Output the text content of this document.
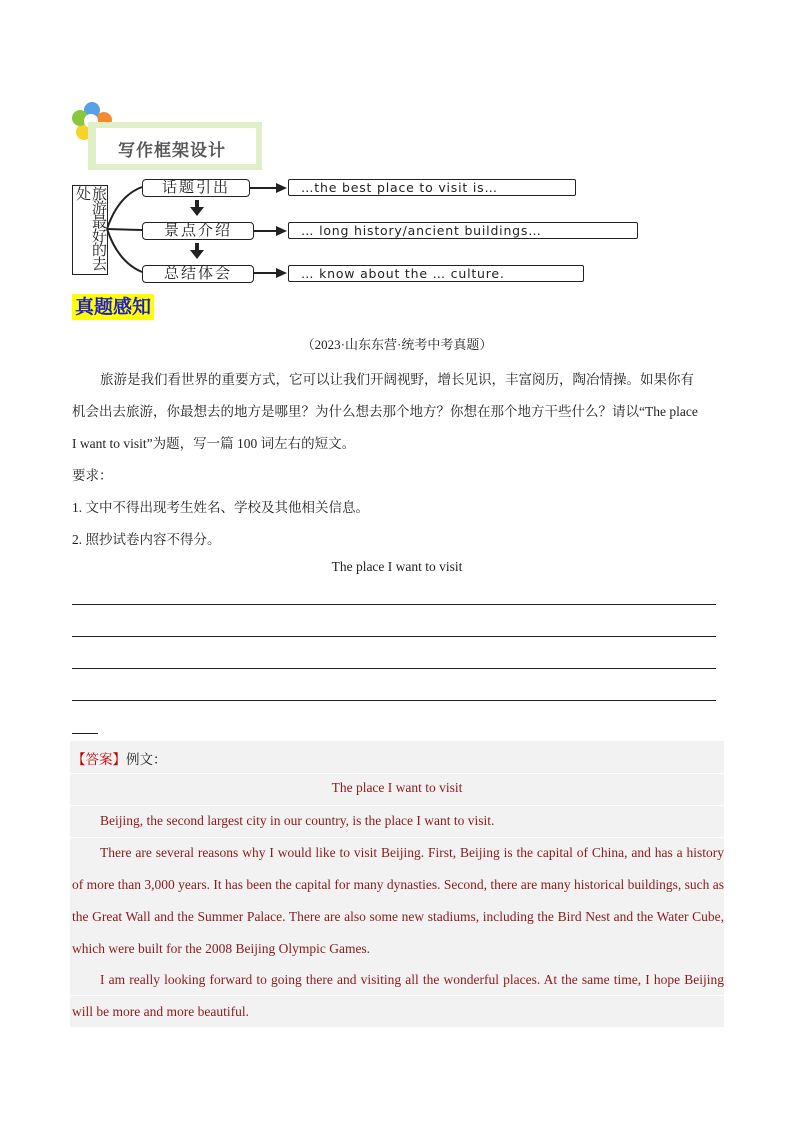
写作框架设计
旅游最好的去处	话题引出
景点介绍
总结体会
…the best place to visit is…
… long history/ancient buildings…
… know about the … culture.
真题感知
（2023·山东东营·统考中考真题）
旅游是我们看世界的重要方式，它可以让我们开阔视野，增长见识，丰富阅历，陶冶情操。如果你有
机会出去旅游，你最想去的地方是哪里？为什么想去那个地方？你想在那个地方干些什么？请以“The place
I want to visit”为题，写一篇 100 词左右的短文。
要求：
1. 文中不得出现考生姓名、学校及其他相关信息。
2. 照抄试卷内容不得分。
The place I want to visit
【答案】例文：
The place I want to visit
Beijing, the second largest city in our country, is the place I want to visit.
There are several reasons why I would like to visit Beijing. First, Beijing is the capital of China, and has a history of more than 3,000 years. It has been the capital for many dynasties. Second, there are many historical buildings, such as the Great Wall and the Summer Palace. There are also some new stadiums, including the Bird Nest and the Water Cube, which were built for the 2008 Beijing Olympic Games.
I am really looking forward to going there and visiting all the wonderful places. At the same time, I hope Beijing will be more and more beautiful.
